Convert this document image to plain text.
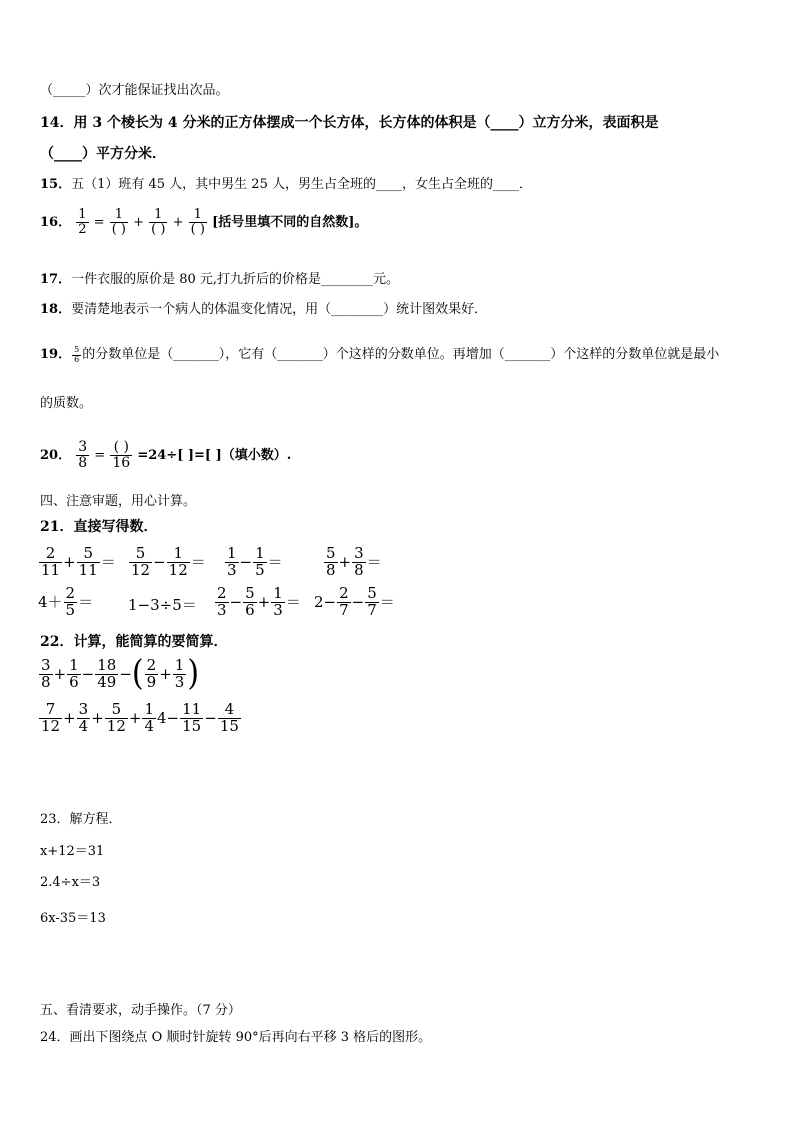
（_____）次才能保证找出次品。
14．用 3 个棱长为 4 分米的正方体摆成一个长方体，长方体的体积是（____）立方分米，表面积是
（____）平方分米．
15．五（1）班有 45 人，其中男生 25 人，男生占全班的____，女生占全班的____．
16． $\frac{1}{2} = \frac{1}{( )} + \frac{1}{( )} + \frac{1}{( )}$ [括号里填不同的自然数]。
17．一件衣服的原价是 80 元,打九折后的价格是________元。
18．要清楚地表示一个病人的体温变化情况，用（________）统计图效果好．
19． $\frac{5}{6}$ 的分数单位是（_______），它有（_______）个这样的分数单位。再增加（_______）个这样的分数单位就是最小
的质数。
20． $\frac{3}{8} = \frac{( )}{16} =24\div$[ ]=[ ]（填小数）.
四、注意审题，用心计算。
21．直接写得数．
$\frac{2}{11} + \frac{5}{11} = \frac{5}{12} - \frac{1}{12} = \frac{1}{3} - \frac{1}{5}$ ＝	$\frac{5}{8} + \frac{3}{8}$ ＝
$4+ \frac{2}{5} = 1-3\div 5= \frac{2}{3} - \frac{5}{6} + \frac{1}{3} = 2- \frac{2}{7} - \frac{5}{7}$ ＝
22．计算，能简算的要简算．
$\frac{3}{8} + \frac{1}{6} - \frac{18}{49}$ −( $\frac{2}{9} + \frac{1}{3}$ )
$\frac{7}{12} + \frac{3}{4} + \frac{5}{12} + \frac{1}{4} 4- \frac{11}{15} - \frac{4}{15}$
23．解方程．
x+12＝31
2.4÷x＝3
6x-35＝13
五、看清要求，动手操作。（7 分）
24．画出下图绕点 O 顺时针旋转 90°后再向右平移 3 格后的图形。
